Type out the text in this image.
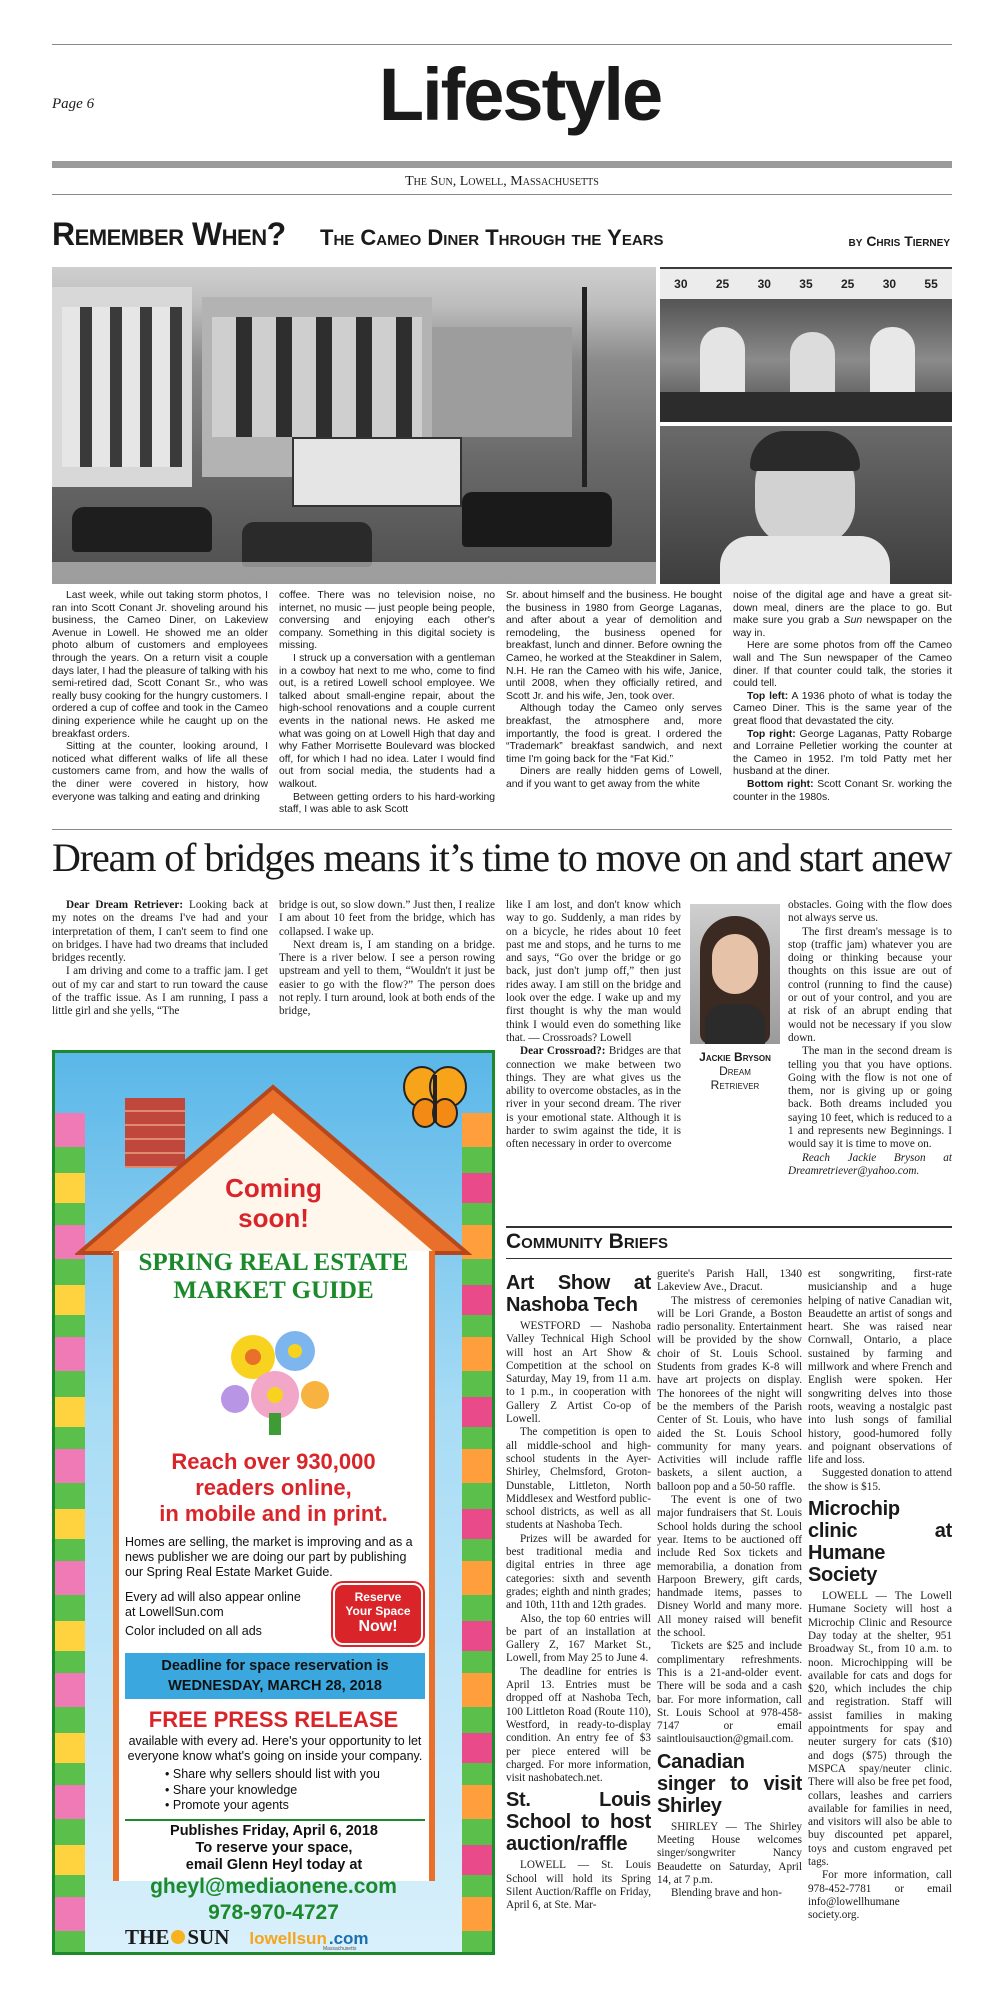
Page 6	Lifestyle
The Sun, Lowell, Massachusetts
Remember When? The Cameo Diner Through the Years	by Chris Tierney
30 25 30 35 25 30 55

Last week, while out taking storm photos, I ran into Scott Conant Jr. shoveling around his business, the Cameo Diner, on Lakeview Avenue in Lowell. He showed me an older photo album of customers and employees through the years. On a return visit a couple days later, I had the pleasure of talking with his semi-retired dad, Scott Conant Sr., who was really busy cooking for the hungry customers. I ordered a cup of coffee and took in the Cameo dining experience while he caught up on the breakfast orders.

Sitting at the counter, looking around, I noticed what different walks of life all these customers came from, and how the walls of the diner were covered in history, how everyone was talking and eating and drinking

coffee. There was no television noise, no internet, no music — just people being people, conversing and enjoying each other's company. Something in this digital society is missing.

I struck up a conversation with a gentleman in a cowboy hat next to me who, come to find out, is a retired Lowell school employee. We talked about small-engine repair, about the high-school renovations and a couple current events in the national news. He asked me what was going on at Lowell High that day and why Father Morrisette Boulevard was blocked off, for which I had no idea. Later I would find out from social media, the students had a walkout.

Between getting orders to his hard-working staff, I was able to ask Scott

Sr. about himself and the business. He bought the business in 1980 from George Laganas, and after about a year of demolition and remodeling, the business opened for breakfast, lunch and dinner. Before owning the Cameo, he worked at the Steakdiner in Salem, N.H. He ran the Cameo with his wife, Janice, until 2008, when they officially retired, and Scott Jr. and his wife, Jen, took over.

Although today the Cameo only serves breakfast, the atmosphere and, more importantly, the food is great. I ordered the “Trademark” breakfast sandwich, and next time I'm going back for the “Fat Kid.”

Diners are really hidden gems of Lowell, and if you want to get away from the white

noise of the digital age and have a great sit-down meal, diners are the place to go. But make sure you grab a Sun newspaper on the way in.

Here are some photos from off the Cameo wall and The Sun newspaper of the Cameo diner. If that counter could talk, the stories it could tell.

Top left: A 1936 photo of what is today the Cameo Diner. This is the same year of the great flood that devastated the city.

Top right: George Laganas, Patty Robarge and Lorraine Pelletier working the counter at the Cameo in 1952. I'm told Patty met her husband at the diner.

Bottom right: Scott Conant Sr. working the counter in the 1980s.

Dream of bridges means it’s time to move on and start anew

Dear Dream Retriever: Looking back at my notes on the dreams I've had and your interpretation of them, I can't seem to find one on bridges. I have had two dreams that included bridges recently.

I am driving and come to a traffic jam. I get out of my car and start to run toward the cause of the traffic issue. As I am running, I pass a little girl and she yells, “The

bridge is out, so slow down.” Just then, I realize I am about 10 feet from the bridge, which has collapsed. I wake up.

Next dream is, I am standing on a bridge. There is a river below. I see a person rowing upstream and yell to them, “Wouldn't it just be easier to go with the flow?” The person does not reply. I turn around, look at both ends of the bridge,

like I am lost, and don't know which way to go. Suddenly, a man rides by on a bicycle, he rides about 10 feet past me and stops, and he turns to me and says, “Go over the bridge or go back, just don't jump off,” then just rides away. I am still on the bridge and look over the edge. I wake up and my first thought is why the man would think I would even do something like that. — Crossroads? Lowell

Dear Crossroad?: Bridges are that connection we make between two things. They are what gives us the ability to overcome obstacles, as in the river in your second dream. The river is your emotional state. Although it is harder to swim against the tide, it is often necessary in order to overcome

Jackie Bryson
Dream
Retriever

obstacles. Going with the flow does not always serve us.

The first dream's message is to stop (traffic jam) whatever you are doing or thinking because your thoughts on this issue are out of control (running to find the cause) or out of your control, and you are at risk of an abrupt ending that would not be necessary if you slow down.

The man in the second dream is telling you that you have options. Going with the flow is not one of them, nor is giving up or going back. Both dreams included you saying 10 feet, which is reduced to a 1 and represents new Beginnings. I would say it is time to move on.

Reach Jackie Bryson at Dreamretriever@yahoo.com.

Coming
soon!
SPRING REAL ESTATE
MARKET GUIDE
Reach over 930,000
readers online,
in mobile and in print.
Homes are selling, the market is improving and as a news publisher we are doing our part by publishing our Spring Real Estate Market Guide.
Every ad will also appear online
at LowellSun.com
Color included on all ads
Reserve
Your Space
Now!
Deadline for space reservation is
WEDNESDAY, MARCH 28, 2018
FREE PRESS RELEASE
available with every ad. Here's your opportunity to let everyone know what's going on inside your company.
• Share why sellers should list with you
• Share your knowledge
• Promote your agents
Publishes Friday, April 6, 2018
To reserve your space,
email Glenn Heyl today at
gheyl@mediaonene.com
978-970-4727
THE SUN lowellsun .com
Massachusetts
Community Briefs
Art Show at Nashoba Tech

WESTFORD — Nashoba Valley Technical High School will host an Art Show & Competition at the school on Saturday, May 19, from 11 a.m. to 1 p.m., in cooperation with Gallery Z Artist Co-op of Lowell.

The competition is open to all middle-school and high-school students in the Ayer-Shirley, Chelmsford, Groton-Dunstable, Littleton, North Middlesex and Westford public-school districts, as well as all students at Nashoba Tech.

Prizes will be awarded for best traditional media and digital entries in three age categories: sixth and seventh grades; eighth and ninth grades; and 10th, 11th and 12th grades.

Also, the top 60 entries will be part of an installation at Gallery Z, 167 Market St., Lowell, from May 25 to June 4.

The deadline for entries is April 13. Entries must be dropped off at Nashoba Tech, 100 Littleton Road (Route 110), Westford, in ready-to-display condition. An entry fee of $3 per piece entered will be charged. For more information, visit nashobatech.net.

St. Louis School to host auction/raffle

LOWELL — St. Louis School will hold its Spring Silent Auction/Raffle on Friday, April 6, at Ste. Mar-

guerite's Parish Hall, 1340 Lakeview Ave., Dracut.

The mistress of ceremonies will be Lori Grande, a Boston radio personality. Entertainment will be provided by the show choir of St. Louis School. Students from grades K-8 will have art projects on display. The honorees of the night will be the members of the Parish Center of St. Louis, who have aided the St. Louis School community for many years. Activities will include raffle baskets, a silent auction, a balloon pop and a 50-50 raffle.

The event is one of two major fundraisers that St. Louis School holds during the school year. Items to be auctioned off include Red Sox tickets and memorabilia, a donation from Harpoon Brewery, gift cards, handmade items, passes to Disney World and many more. All money raised will benefit the school.

Tickets are $25 and include complimentary refreshments. This is a 21-and-older event. There will be soda and a cash bar. For more information, call St. Louis School at 978-458-7147 or email saintlouisauction@gmail.com.

Canadian singer to visit Shirley

SHIRLEY — The Shirley Meeting House welcomes singer/songwriter Nancy Beaudette on Saturday, April 14, at 7 p.m.

Blending brave and hon-

est songwriting, first-rate musicianship and a huge helping of native Canadian wit, Beaudette an artist of songs and heart. She was raised near Cornwall, Ontario, a place sustained by farming and millwork and where French and English were spoken. Her songwriting delves into those roots, weaving a nostalgic past into lush songs of familial history, good-humored folly and poignant observations of life and loss.

Suggested donation to attend the show is $15.

Microchip clinic at Humane Society

LOWELL — The Lowell Humane Society will host a Microchip Clinic and Resource Day today at the shelter, 951 Broadway St., from 10 a.m. to noon. Microchipping will be available for cats and dogs for $20, which includes the chip and registration. Staff will assist families in making appointments for spay and neuter surgery for cats ($10) and dogs ($75) through the MSPCA spay/neuter clinic. There will also be free pet food, collars, leashes and carriers available for families in need, and visitors will also be able to buy discounted pet apparel, toys and custom engraved pet tags.

For more information, call 978-452-7781 or email info@lowellhumane society.org.
